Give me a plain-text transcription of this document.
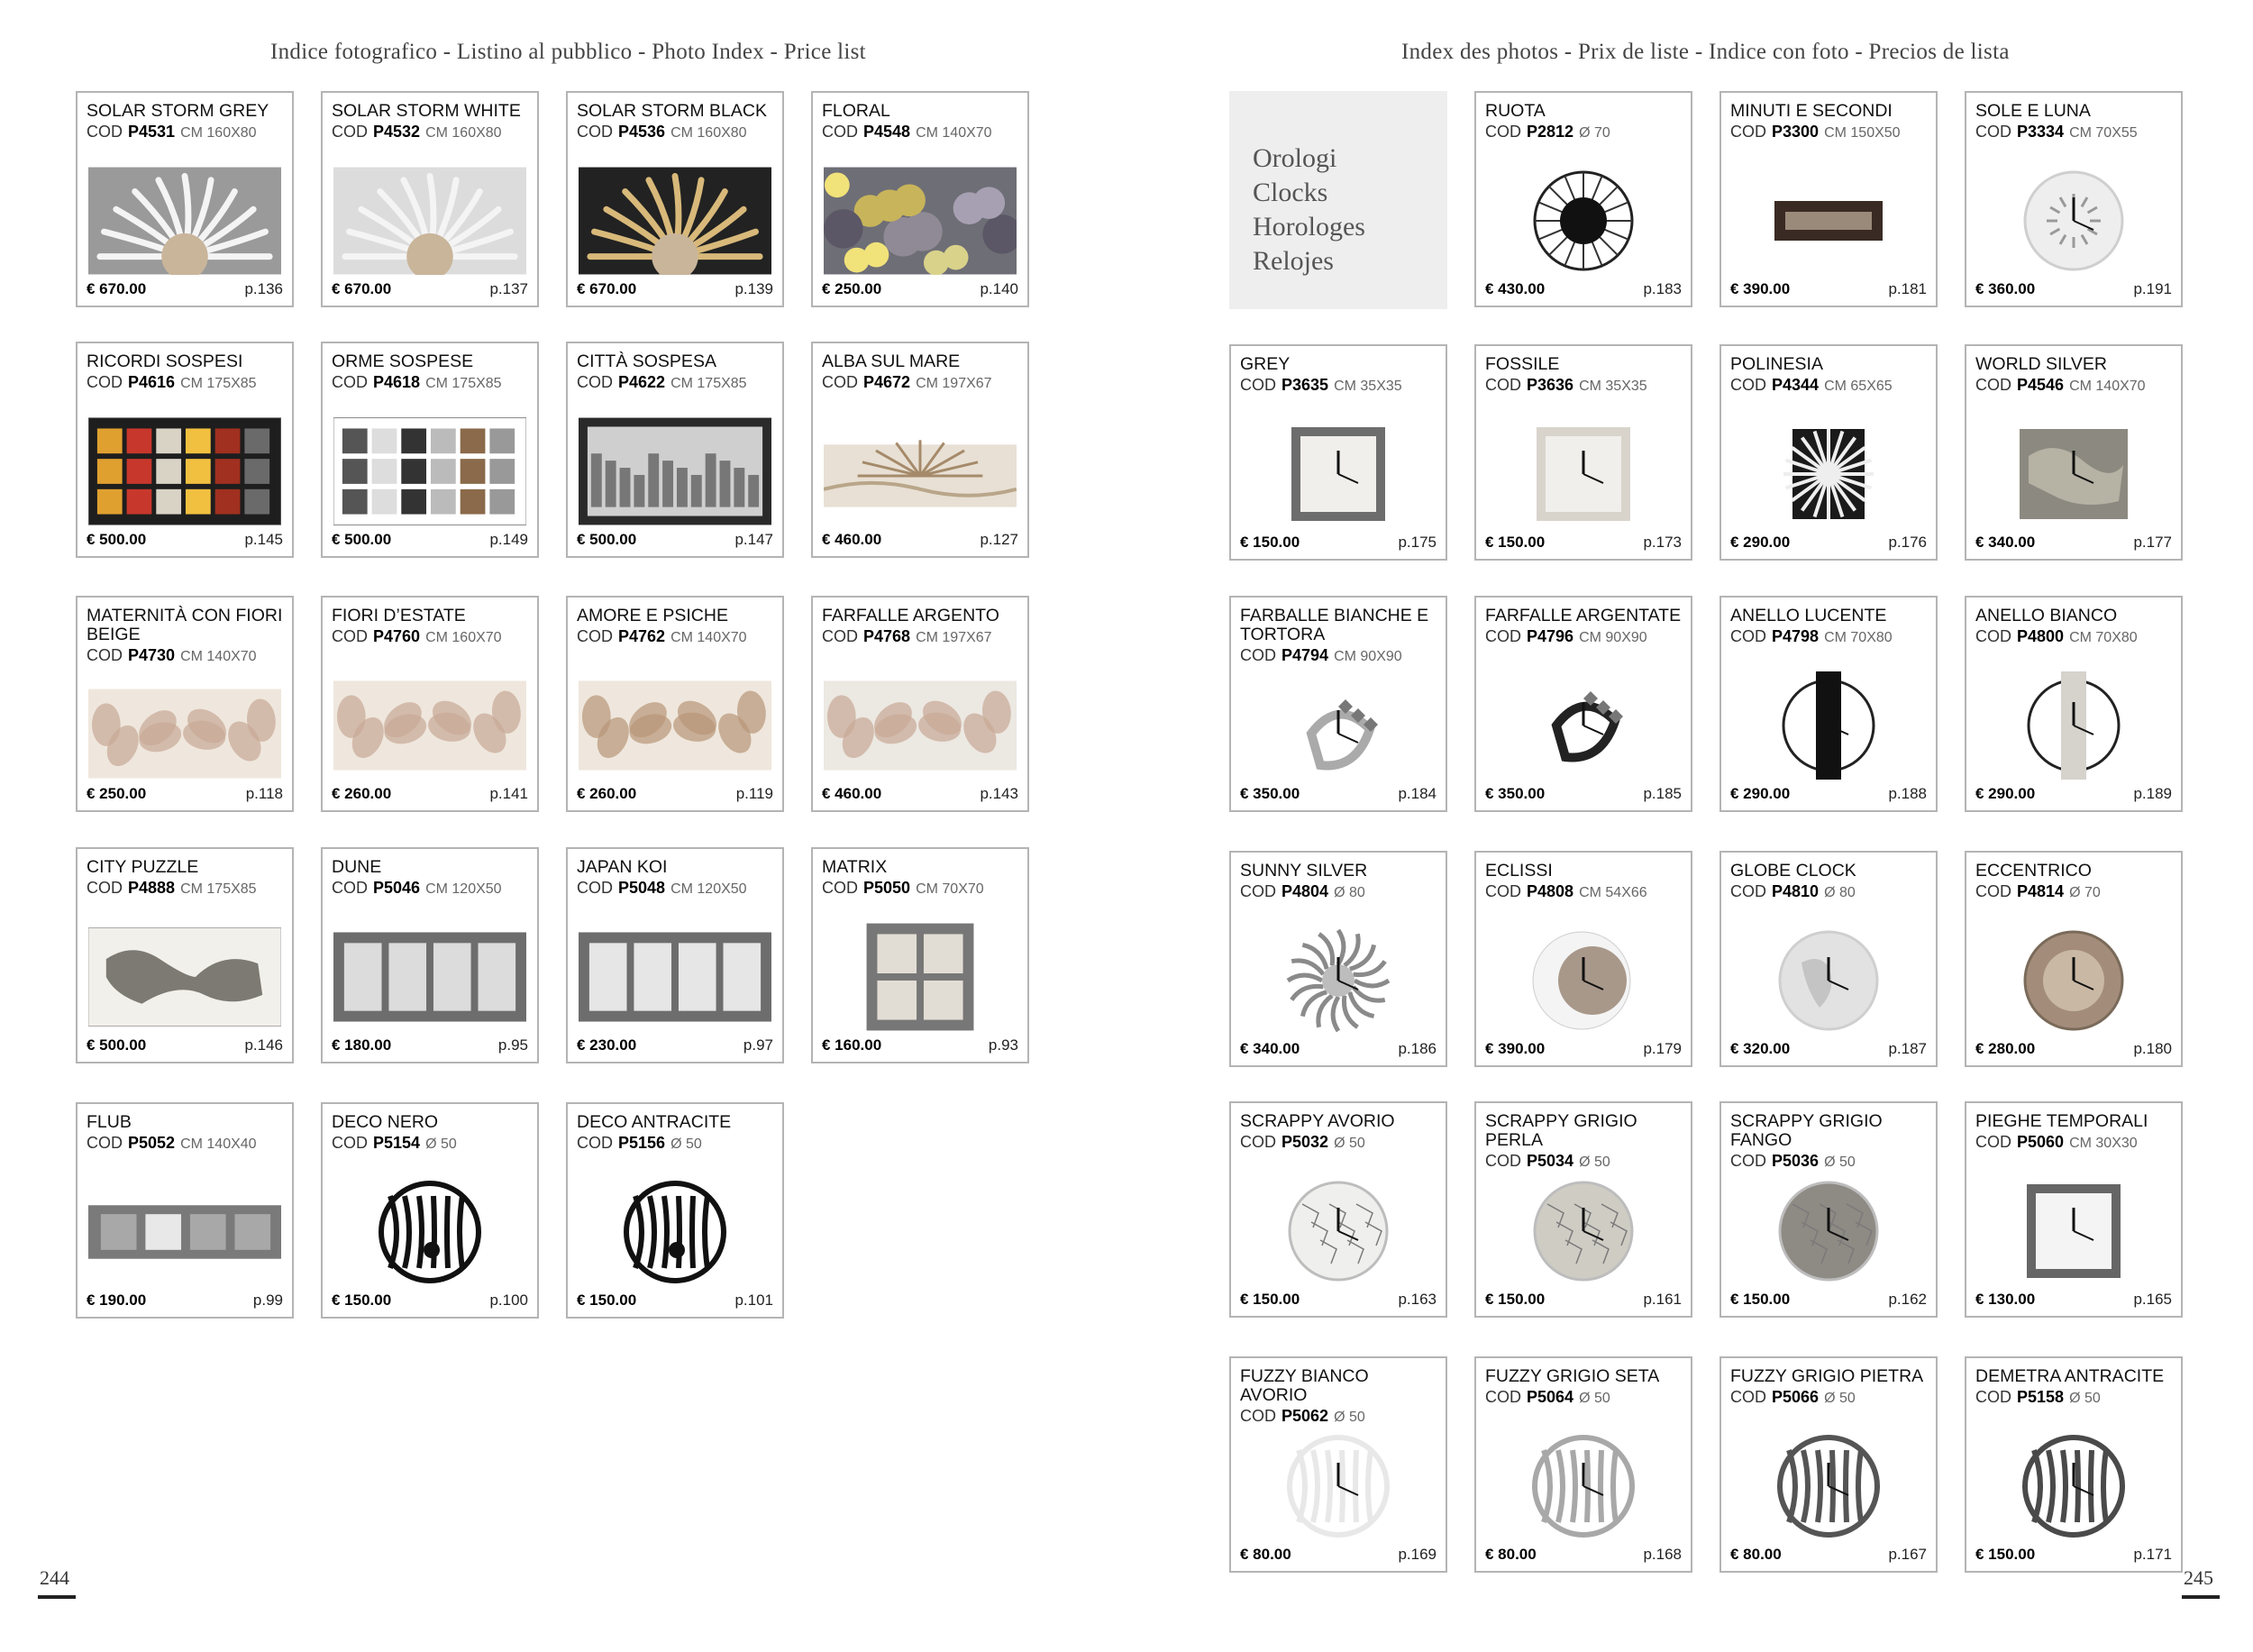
Indice fotografico - Listino al pubblico - Photo Index - Price list	Index des photos - Prix de liste - Indice con foto - Precios de lista
Orologi
Clocks
Horologes
Relojes
SOLAR STORM GREY
COD P4531 CM 160X80
€ 670.00	p.136
SOLAR STORM WHITE
COD P4532 CM 160X80
€ 670.00	p.137
SOLAR STORM BLACK
COD P4536 CM 160X80
€ 670.00	p.139
FLORAL
COD P4548 CM 140X70
€ 250.00	p.140
RICORDI SOSPESI
COD P4616 CM 175X85
€ 500.00	p.145
ORME SOSPESE
COD P4618 CM 175X85
€ 500.00	p.149
CITTÀ SOSPESA
COD P4622 CM 175X85
€ 500.00	p.147
ALBA SUL MARE
COD P4672 CM 197X67
€ 460.00	p.127
MATERNITÀ CON FIORI BEIGE
COD P4730 CM 140X70
€ 250.00	p.118
FIORI D’ESTATE
COD P4760 CM 160X70
€ 260.00	p.141
AMORE E PSICHE
COD P4762 CM 140X70
€ 260.00	p.119
FARFALLE ARGENTO
COD P4768 CM 197X67
€ 460.00	p.143
CITY PUZZLE
COD P4888 CM 175X85
€ 500.00	p.146
DUNE
COD P5046 CM 120X50
€ 180.00	p.95
JAPAN KOI
COD P5048 CM 120X50
€ 230.00	p.97
MATRIX
COD P5050 CM 70X70
€ 160.00	p.93
FLUB
COD P5052 CM 140X40
€ 190.00	p.99
DECO NERO
COD P5154 Ø 50
€ 150.00	p.100
DECO ANTRACITE
COD P5156 Ø 50
€ 150.00	p.101
RUOTA
COD P2812 Ø 70
€ 430.00	p.183
MINUTI E SECONDI
COD P3300 CM 150X50
€ 390.00	p.181
SOLE E LUNA
COD P3334 CM 70X55
€ 360.00	p.191
GREY
COD P3635 CM 35X35
€ 150.00	p.175
FOSSILE
COD P3636 CM 35X35
€ 150.00	p.173
POLINESIA
COD P4344 CM 65X65
€ 290.00	p.176
WORLD SILVER
COD P4546 CM 140X70
€ 340.00	p.177
FARBALLE BIANCHE E TORTORA
COD P4794 CM 90X90
€ 350.00	p.184
FARFALLE ARGENTATE
COD P4796 CM 90X90
€ 350.00	p.185
ANELLO LUCENTE
COD P4798 CM 70X80
€ 290.00	p.188
ANELLO BIANCO
COD P4800 CM 70X80
€ 290.00	p.189
SUNNY SILVER
COD P4804 Ø 80
€ 340.00	p.186
ECLISSI
COD P4808 CM 54X66
€ 390.00	p.179
GLOBE CLOCK
COD P4810 Ø 80
€ 320.00	p.187
ECCENTRICO
COD P4814 Ø 70
€ 280.00	p.180
SCRAPPY AVORIO
COD P5032 Ø 50
€ 150.00	p.163
SCRAPPY GRIGIO PERLA
COD P5034 Ø 50
€ 150.00	p.161
SCRAPPY GRIGIO FANGO
COD P5036 Ø 50
€ 150.00	p.162
PIEGHE TEMPORALI
COD P5060 CM 30X30
€ 130.00	p.165
FUZZY BIANCO AVORIO
COD P5062 Ø 50
€ 80.00	p.169
FUZZY GRIGIO SETA
COD P5064 Ø 50
€ 80.00	p.168
FUZZY GRIGIO PIETRA
COD P5066 Ø 50
€ 80.00	p.167
DEMETRA ANTRACITE
COD P5158 Ø 50
€ 150.00	p.171
244	245
